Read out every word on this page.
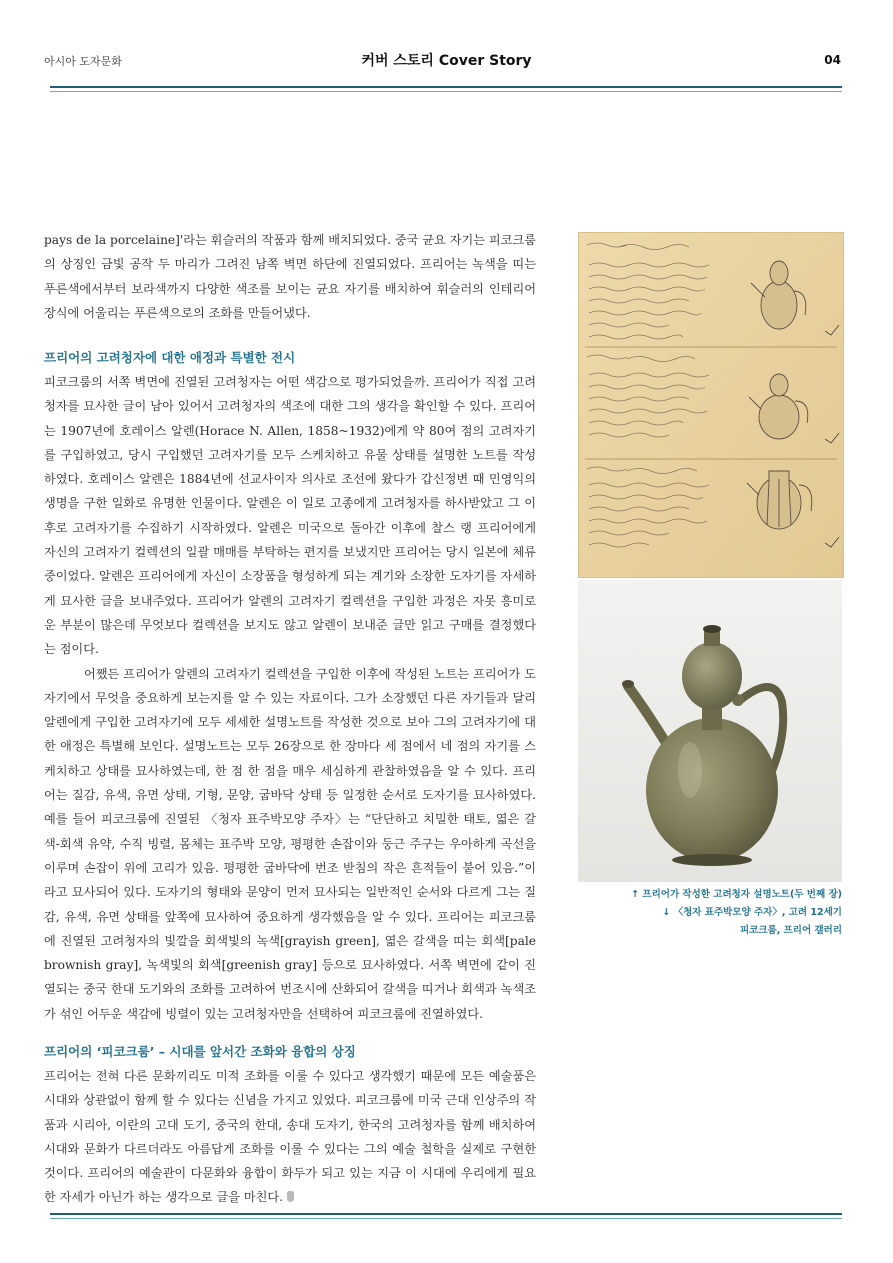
아시아 도자문화	커버 스토리 Cover Story	04

pays de la porcelaine]'라는 휘슬러의 작품과 함께 배치되었다. 중국 균요 자기는 피코크룸의 상징인 금빛 공작 두 마리가 그려진 남쪽 벽면 하단에 진열되었다. 프리어는 녹색을 띠는 푸른색에서부터 보라색까지 다양한 색조를 보이는 균요 자기를 배치하여 휘슬러의 인테리어 장식에 어울리는 푸른색으로의 조화를 만들어냈다.

프리어의 고려청자에 대한 애정과 특별한 전시

피코크룸의 서쪽 벽면에 진열된 고려청자는 어떤 색감으로 평가되었을까. 프리어가 직접 고려청자를 묘사한 글이 남아 있어서 고려청자의 색조에 대한 그의 생각을 확인할 수 있다. 프리어는 1907년에 호레이스 알렌(Horace N. Allen, 1858~1932)에게 약 80여 점의 고려자기를 구입하였고, 당시 구입했던 고려자기를 모두 스케치하고 유물 상태를 설명한 노트를 작성하였다. 호레이스 알렌은 1884년에 선교사이자 의사로 조선에 왔다가 갑신정변 때 민영익의 생명을 구한 일화로 유명한 인물이다. 알렌은 이 일로 고종에게 고려청자를 하사받았고 그 이후로 고려자기를 수집하기 시작하였다. 알렌은 미국으로 돌아간 이후에 찰스 랭 프리어에게 자신의 고려자기 컬렉션의 일괄 매매를 부탁하는 편지를 보냈지만 프리어는 당시 일본에 체류 중이었다. 알렌은 프리어에게 자신이 소장품을 형성하게 되는 계기와 소장한 도자기를 자세하게 묘사한 글을 보내주었다. 프리어가 알렌의 고려자기 컬렉션을 구입한 과정은 자못 흥미로운 부분이 많은데 무엇보다 컬렉션을 보지도 않고 알렌이 보내준 글만 읽고 구매를 결정했다는 점이다.

어쨌든 프리어가 알렌의 고려자기 컬렉션을 구입한 이후에 작성된 노트는 프리어가 도자기에서 무엇을 중요하게 보는지를 알 수 있는 자료이다. 그가 소장했던 다른 자기들과 달리 알렌에게 구입한 고려자기에 모두 세세한 설명노트를 작성한 것으로 보아 그의 고려자기에 대한 애정은 특별해 보인다. 설명노트는 모두 26장으로 한 장마다 세 점에서 네 점의 자기를 스케치하고 상태를 묘사하였는데, 한 점 한 점을 매우 세심하게 관찰하였음을 알 수 있다. 프리어는 질감, 유색, 유면 상태, 기형, 문양, 굽바닥 상태 등 일정한 순서로 도자기를 묘사하였다. 예를 들어 피코크룸에 진열된 〈청자 표주박모양 주자〉는 “단단하고 치밀한 태토, 엷은 갈색-회색 유약, 수직 빙렬, 몸체는 표주박 모양, 평평한 손잡이와 둥근 주구는 우아하게 곡선을 이루며 손잡이 위에 고리가 있음. 평평한 굽바닥에 번조 받침의 작은 흔적들이 붙어 있음.”이라고 묘사되어 있다. 도자기의 형태와 문양이 먼저 묘사되는 일반적인 순서와 다르게 그는 질감, 유색, 유면 상태를 앞쪽에 묘사하여 중요하게 생각했음을 알 수 있다. 프리어는 피코크룸에 진열된 고려청자의 빛깔을 회색빛의 녹색[grayish green], 엷은 갈색을 띠는 회색[pale brownish gray], 녹색빛의 회색[greenish gray] 등으로 묘사하였다. 서쪽 벽면에 같이 진열되는 중국 한대 도기와의 조화를 고려하여 번조시에 산화되어 갈색을 띠거나 회색과 녹색조가 섞인 어두운 색감에 빙렬이 있는 고려청자만을 선택하여 피코크룸에 진열하였다.

프리어의 ‘피코크룸’ – 시대를 앞서간 조화와 융합의 상징

프리어는 전혀 다른 문화끼리도 미적 조화를 이룰 수 있다고 생각했기 때문에 모든 예술품은 시대와 상관없이 함께 할 수 있다는 신념을 가지고 있었다. 피코크룸에 미국 근대 인상주의 작품과 시리아, 이란의 고대 도기, 중국의 한대, 송대 도자기, 한국의 고려청자를 함께 배치하여 시대와 문화가 다르더라도 아름답게 조화를 이룰 수 있다는 그의 예술 철학을 실제로 구현한 것이다. 프리어의 예술관이 다문화와 융합이 화두가 되고 있는 지금 이 시대에 우리에게 필요한 자세가 아닌가 하는 생각으로 글을 마친다.

↑ 프리어가 작성한 고려청자 설명노트(두 번째 장)
↓ 〈청자 표주박모양 주자〉, 고려 12세기
피코크룸, 프리어 갤러리
